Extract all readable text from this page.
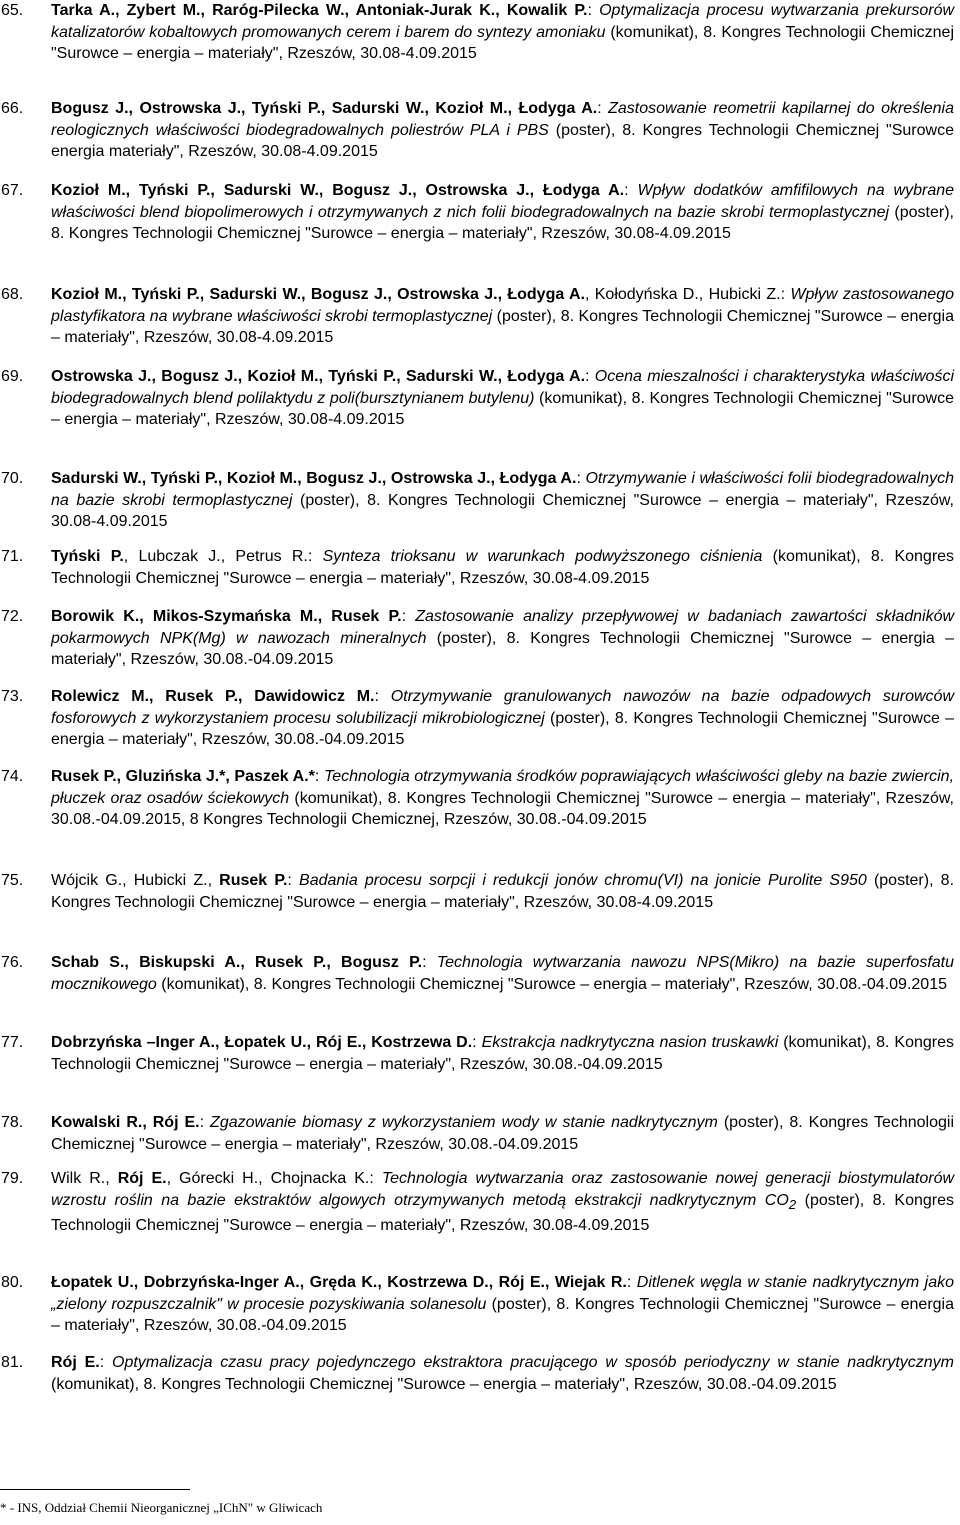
65.	Tarka A., Zybert M., Raróg-Pilecka W., Antoniak-Jurak K., Kowalik P.: Optymalizacja procesu wytwarzania prekursorów katalizatorów kobaltowych promowanych cerem i barem do syntezy amoniaku (komunikat), 8. Kongres Technologii Chemicznej "Surowce – energia – materiały", Rzeszów, 30.08-4.09.2015
66.	Bogusz J., Ostrowska J., Tyński P., Sadurski W., Kozioł M., Łodyga A.: Zastosowanie reometrii kapilarnej do określenia reologicznych właściwości biodegradowalnych poliestrów PLA i PBS (poster), 8. Kongres Technologii Chemicznej "Surowce energia materiały", Rzeszów, 30.08-4.09.2015
67.	Kozioł M., Tyński P., Sadurski W., Bogusz J., Ostrowska J., Łodyga A.: Wpływ dodatków amfifilowych na wybrane właściwości blend biopolimerowych i otrzymywanych z nich folii biodegradowalnych na bazie skrobi termoplastycznej (poster), 8. Kongres Technologii Chemicznej "Surowce – energia – materiały", Rzeszów, 30.08-4.09.2015
68.	Kozioł M., Tyński P., Sadurski W., Bogusz J., Ostrowska J., Łodyga A., Kołodyńska D., Hubicki Z.: Wpływ zastosowanego plastyfikatora na wybrane właściwości skrobi termoplastycznej (poster), 8. Kongres Technologii Chemicznej "Surowce – energia – materiały", Rzeszów, 30.08-4.09.2015
69.	Ostrowska J., Bogusz J., Kozioł M., Tyński P., Sadurski W., Łodyga A.: Ocena mieszalności i charakterystyka właściwości biodegradowalnych blend polilaktydu z poli(bursztynianem butylenu) (komunikat), 8. Kongres Technologii Chemicznej "Surowce – energia – materiały", Rzeszów, 30.08-4.09.2015
70.	Sadurski W., Tyński P., Kozioł M., Bogusz J., Ostrowska J., Łodyga A.: Otrzymywanie i właściwości folii biodegradowalnych na bazie skrobi termoplastycznej (poster), 8. Kongres Technologii Chemicznej "Surowce – energia – materiały", Rzeszów, 30.08-4.09.2015
71.	Tyński P., Lubczak J., Petrus R.: Synteza trioksanu w warunkach podwyższonego ciśnienia (komunikat), 8. Kongres Technologii Chemicznej "Surowce – energia – materiały", Rzeszów, 30.08-4.09.2015
72.	Borowik K., Mikos-Szymańska M., Rusek P.: Zastosowanie analizy przepływowej w badaniach zawartości składników pokarmowych NPK(Mg) w nawozach mineralnych (poster), 8. Kongres Technologii Chemicznej "Surowce – energia – materiały", Rzeszów, 30.08.-04.09.2015
73.	Rolewicz M., Rusek P., Dawidowicz M.: Otrzymywanie granulowanych nawozów na bazie odpadowych surowców fosforowych z wykorzystaniem procesu solubilizacji mikrobiologicznej (poster), 8. Kongres Technologii Chemicznej "Surowce – energia – materiały", Rzeszów, 30.08.-04.09.2015
74.	Rusek P., Gluzińska J.*, Paszek A.*: Technologia otrzymywania środków poprawiających właściwości gleby na bazie zwiercin, płuczek oraz osadów ściekowych (komunikat), 8. Kongres Technologii Chemicznej "Surowce – energia – materiały", Rzeszów, 30.08.-04.09.2015, 8 Kongres Technologii Chemicznej, Rzeszów, 30.08.-04.09.2015
75.	Wójcik G., Hubicki Z., Rusek P.: Badania procesu sorpcji i redukcji jonów chromu(VI) na jonicie Purolite S950 (poster), 8. Kongres Technologii Chemicznej "Surowce – energia – materiały", Rzeszów, 30.08-4.09.2015
76.	Schab S., Biskupski A., Rusek P., Bogusz P.: Technologia wytwarzania nawozu NPS(Mikro) na bazie superfosfatu mocznikowego (komunikat), 8. Kongres Technologii Chemicznej "Surowce – energia – materiały", Rzeszów, 30.08.-04.09.2015
77.	Dobrzyńska –Inger A., Łopatek U., Rój E., Kostrzewa D.: Ekstrakcja nadkrytyczna nasion truskawki (komunikat), 8. Kongres Technologii Chemicznej "Surowce – energia – materiały", Rzeszów, 30.08.-04.09.2015
78.	Kowalski R., Rój E.: Zgazowanie biomasy z wykorzystaniem wody w stanie nadkrytycznym (poster), 8. Kongres Technologii Chemicznej "Surowce – energia – materiały", Rzeszów, 30.08.-04.09.2015
79.	Wilk R., Rój E., Górecki H., Chojnacka K.: Technologia wytwarzania oraz zastosowanie nowej generacji biostymulatorów wzrostu roślin na bazie ekstraktów algowych otrzymywanych metodą ekstrakcji nadkrytycznym $CO_2$ (poster), 8. Kongres Technologii Chemicznej "Surowce – energia – materiały", Rzeszów, 30.08-4.09.2015
80.	Łopatek U., Dobrzyńska-Inger A., Gręda K., Kostrzewa D., Rój E., Wiejak R.: Ditlenek węgla w stanie nadkrytycznym jako „zielony rozpuszczalnik" w procesie pozyskiwania solanesolu (poster), 8. Kongres Technologii Chemicznej "Surowce – energia – materiały", Rzeszów, 30.08.-04.09.2015
81.	Rój E.: Optymalizacja czasu pracy pojedynczego ekstraktora pracującego w sposób periodyczny w stanie nadkrytycznym (komunikat), 8. Kongres Technologii Chemicznej "Surowce – energia – materiały", Rzeszów, 30.08.-04.09.2015
* - INS, Oddział Chemii Nieorganicznej „IChN" w Gliwicach
